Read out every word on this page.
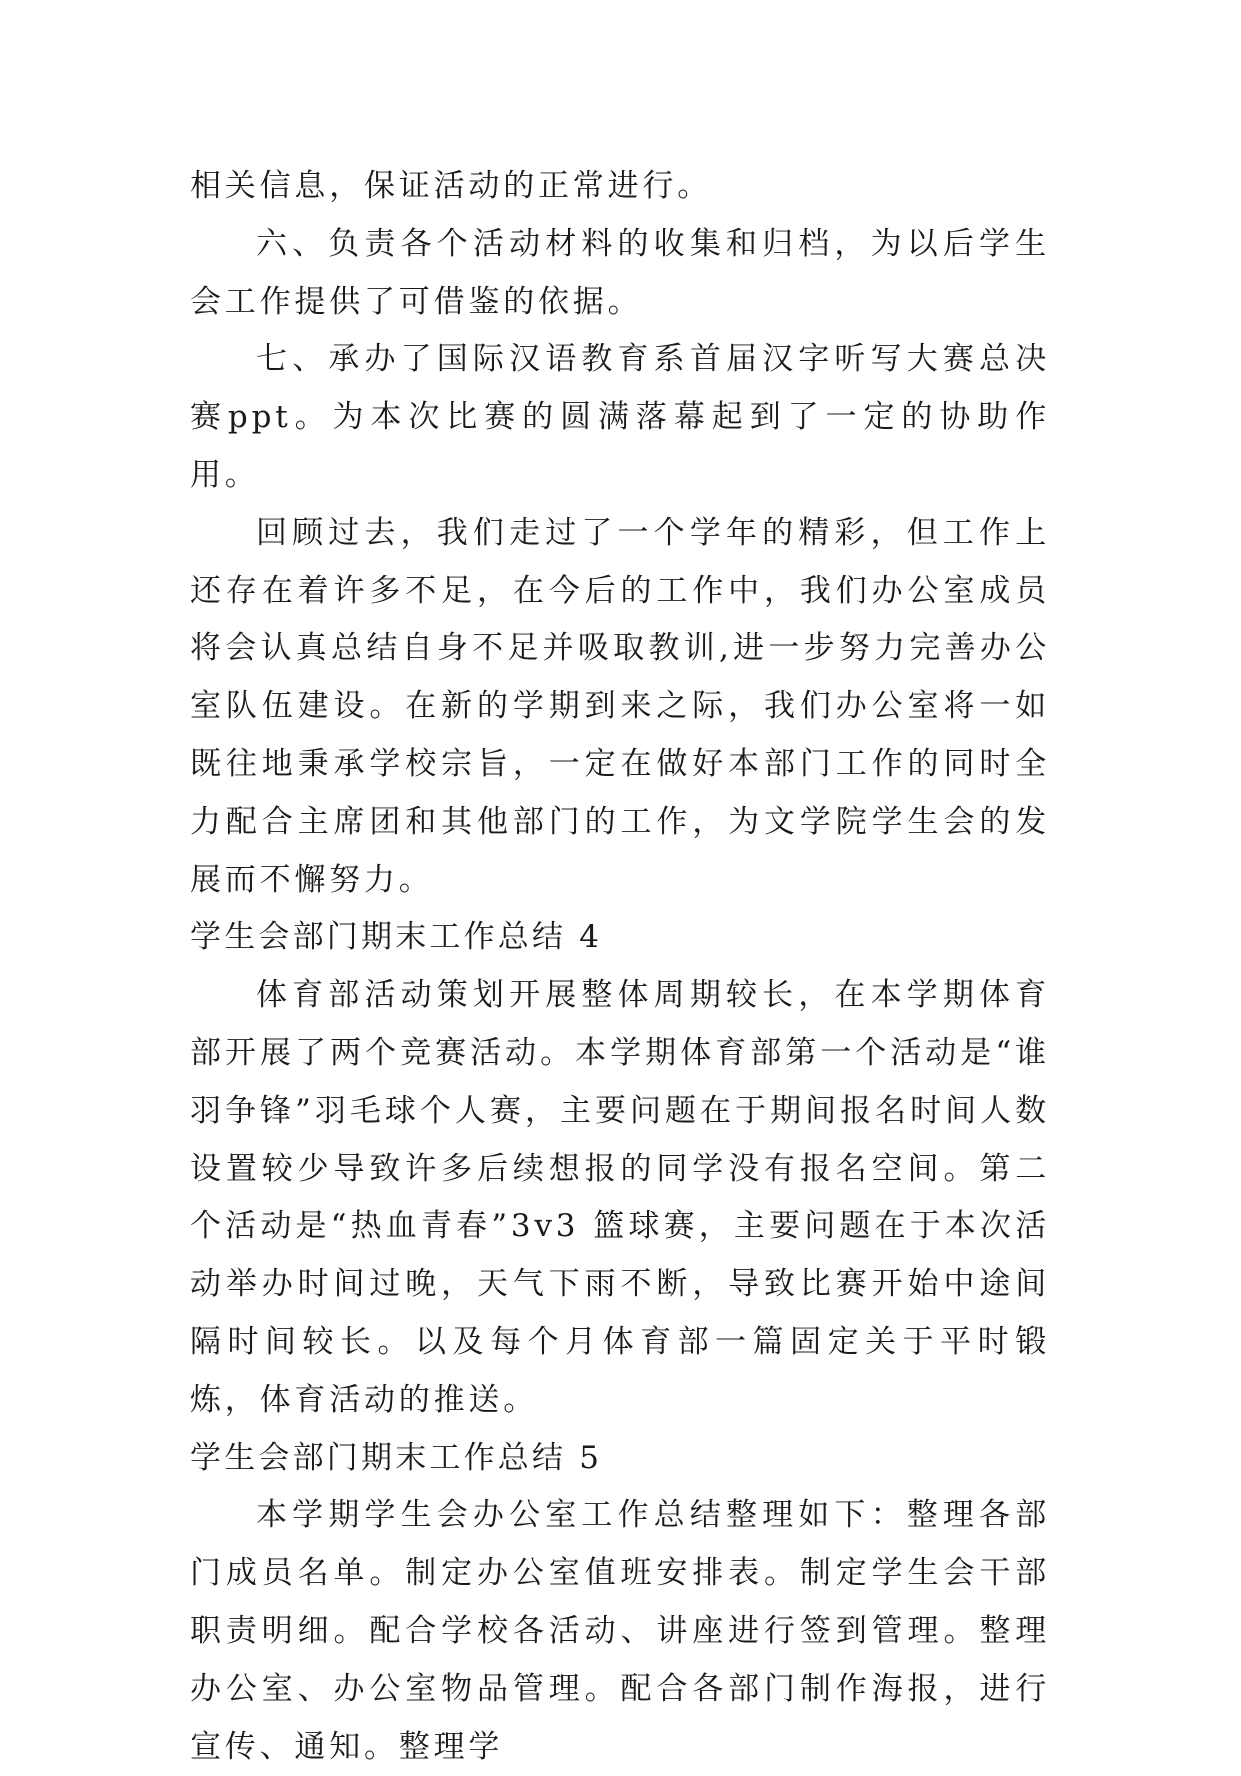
相关信息，保证活动的正常进行。

六、负责各个活动材料的收集和归档，为以后学生会工作提供了可借鉴的依据。

七、承办了国际汉语教育系首届汉字听写大赛总决赛ppt。为本次比赛的圆满落幕起到了一定的协助作用。

回顾过去，我们走过了一个学年的精彩，但工作上还存在着许多不足，在今后的工作中，我们办公室成员将会认真总结自身不足并吸取教训,进一步努力完善办公室队伍建设。在新的学期到来之际，我们办公室将一如既往地秉承学校宗旨，一定在做好本部门工作的同时全力配合主席团和其他部门的工作，为文学院学生会的发展而不懈努力。

学生会部门期末工作总结 4

体育部活动策划开展整体周期较长，在本学期体育部开展了两个竞赛活动。本学期体育部第一个活动是“谁羽争锋”羽毛球个人赛，主要问题在于期间报名时间人数设置较少导致许多后续想报的同学没有报名空间。第二个活动是“热血青春”3v3 篮球赛，主要问题在于本次活动举办时间过晚，天气下雨不断，导致比赛开始中途间隔时间较长。以及每个月体育部一篇固定关于平时锻炼，体育活动的推送。

学生会部门期末工作总结 5

本学期学生会办公室工作总结整理如下：整理各部门成员名单。制定办公室值班安排表。制定学生会干部职责明细。配合学校各活动、讲座进行签到管理。整理办公室、办公室物品管理。配合各部门制作海报，进行宣传、通知。整理学
